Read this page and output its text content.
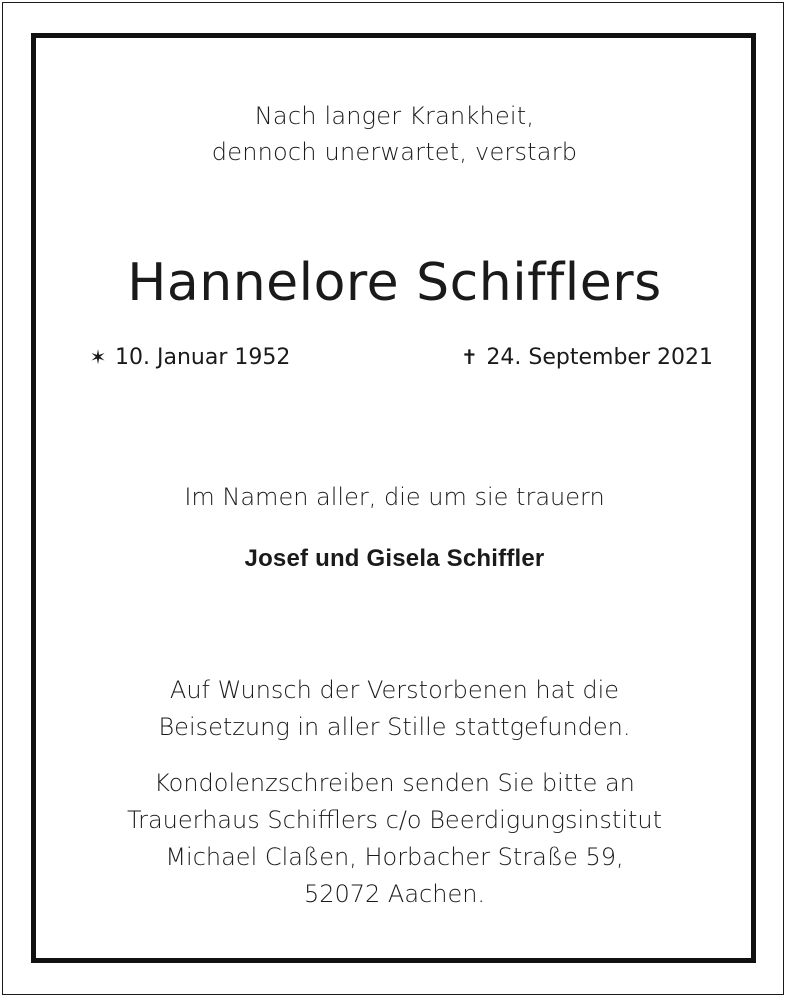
Nach langer Krankheit,
dennoch unerwartet, verstarb
Hannelore Schifflers
✶ 10. Januar 1952	✝ 24. September 2021
Im Namen aller, die um sie trauern
Josef und Gisela Schiffler
Auf Wunsch der Verstorbenen hat die
Beisetzung in aller Stille stattgefunden.
Kondolenzschreiben senden Sie bitte an
Trauerhaus Schifflers c/o Beerdigungsinstitut
Michael Claßen, Horbacher Straße 59,
52072 Aachen.
